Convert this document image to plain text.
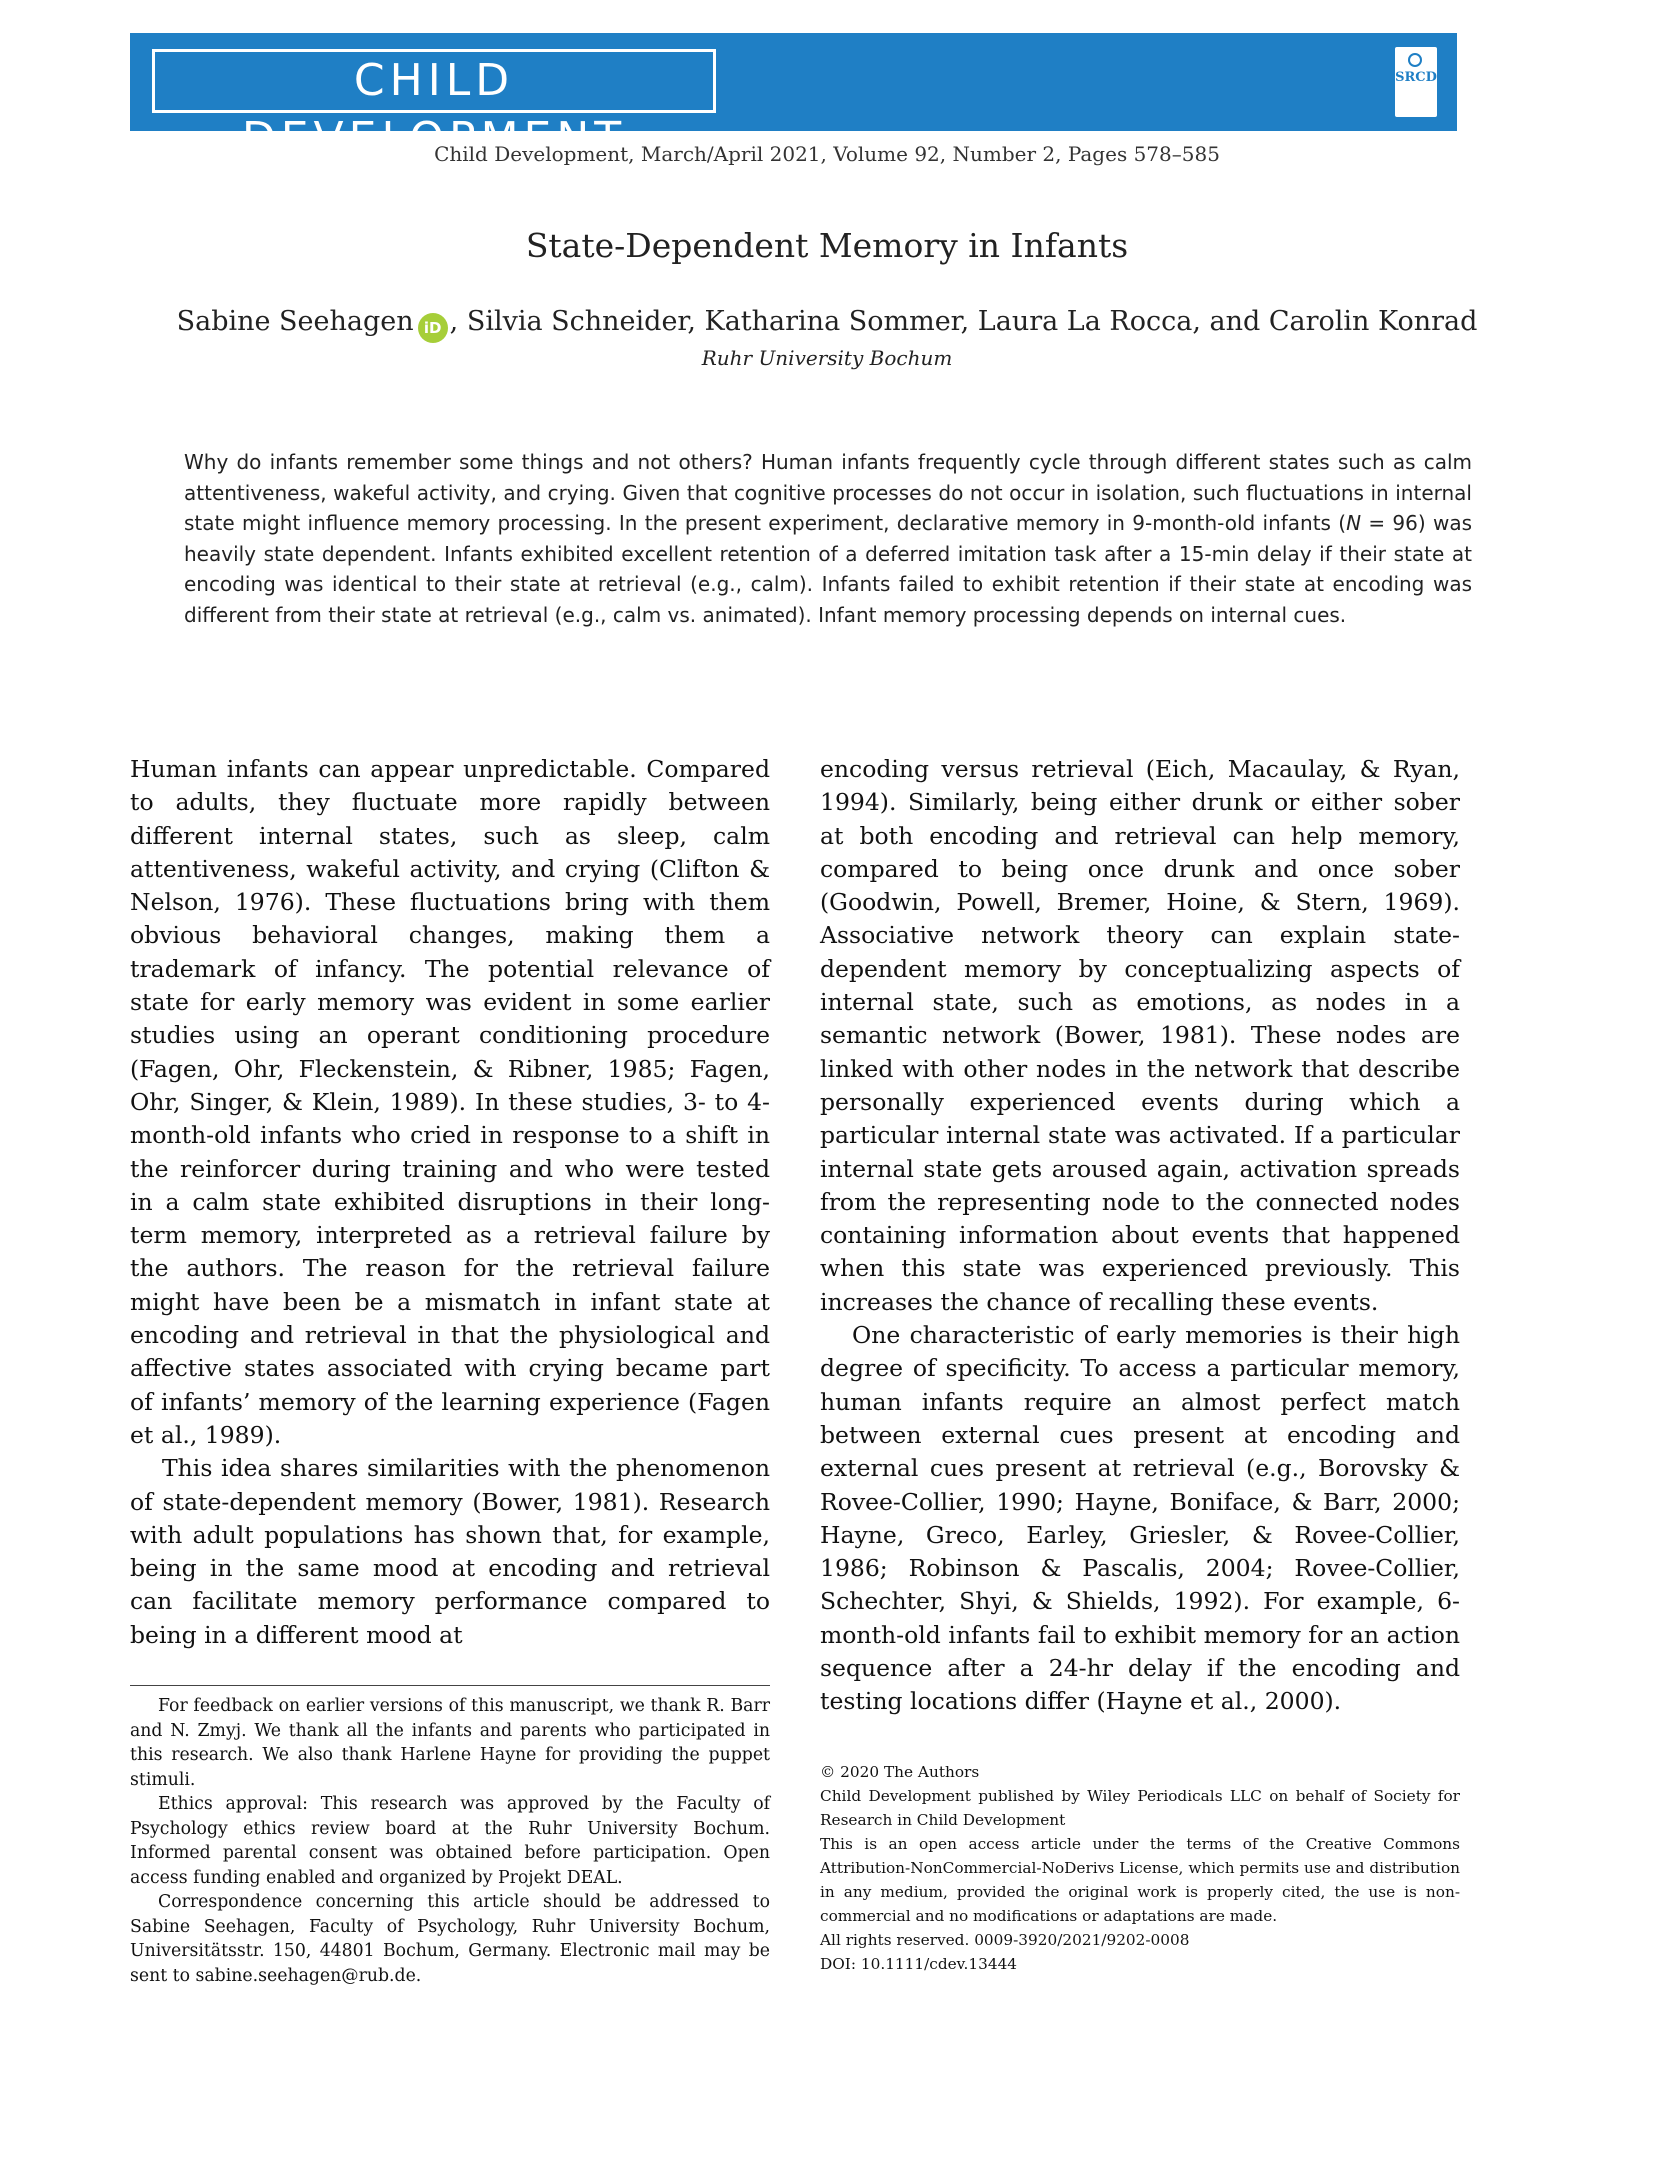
CHILD DEVELOPMENT
SRCD
Child Development, March/April 2021, Volume 92, Number 2, Pages 578–585
State-Dependent Memory in Infants
Sabine Seehagen iD , Silvia Schneider, Katharina Sommer, Laura La Rocca, and Carolin Konrad
Ruhr University Bochum
Why do infants remember some things and not others? Human infants frequently cycle through different states such as calm attentiveness, wakeful activity, and crying. Given that cognitive processes do not occur in isolation, such fluctuations in internal state might influence memory processing. In the present experiment, declarative memory in 9-month-old infants (N = 96) was heavily state dependent. Infants exhibited excellent retention of a deferred imitation task after a 15-min delay if their state at encoding was identical to their state at retrieval (e.g., calm). Infants failed to exhibit retention if their state at encoding was different from their state at retrieval (e.g., calm vs. animated). Infant memory processing depends on internal cues.

Human infants can appear unpredictable. Compared to adults, they fluctuate more rapidly between different internal states, such as sleep, calm attentiveness, wakeful activity, and crying (Clifton & Nelson, 1976). These fluctuations bring with them obvious behavioral changes, making them a trademark of infancy. The potential relevance of state for early memory was evident in some earlier studies using an operant conditioning procedure (Fagen, Ohr, Fleckenstein, & Ribner, 1985; Fagen, Ohr, Singer, & Klein, 1989). In these studies, 3- to 4-month-old infants who cried in response to a shift in the reinforcer during training and who were tested in a calm state exhibited disruptions in their long-term memory, interpreted as a retrieval failure by the authors. The reason for the retrieval failure might have been be a mismatch in infant state at encoding and retrieval in that the physiological and affective states associated with crying became part of infants’ memory of the learning experience (Fagen et al., 1989).

This idea shares similarities with the phenomenon of state-dependent memory (Bower, 1981). Research with adult populations has shown that, for example, being in the same mood at encoding and retrieval can facilitate memory performance compared to being in a different mood at

encoding versus retrieval (Eich, Macaulay, & Ryan, 1994). Similarly, being either drunk or either sober at both encoding and retrieval can help memory, compared to being once drunk and once sober (Goodwin, Powell, Bremer, Hoine, & Stern, 1969). Associative network theory can explain state-dependent memory by conceptualizing aspects of internal state, such as emotions, as nodes in a semantic network (Bower, 1981). These nodes are linked with other nodes in the network that describe personally experienced events during which a particular internal state was activated. If a particular internal state gets aroused again, activation spreads from the representing node to the connected nodes containing information about events that happened when this state was experienced previously. This increases the chance of recalling these events.

One characteristic of early memories is their high degree of specificity. To access a particular memory, human infants require an almost perfect match between external cues present at encoding and external cues present at retrieval (e.g., Borovsky & Rovee-Collier, 1990; Hayne, Boniface, & Barr, 2000; Hayne, Greco, Earley, Griesler, & Rovee-Collier, 1986; Robinson & Pascalis, 2004; Rovee-Collier, Schechter, Shyi, & Shields, 1992). For example, 6-month-old infants fail to exhibit memory for an action sequence after a 24-hr delay if the encoding and testing locations differ (Hayne et al., 2000).

For feedback on earlier versions of this manuscript, we thank R. Barr and N. Zmyj. We thank all the infants and parents who participated in this research. We also thank Harlene Hayne for providing the puppet stimuli.

Ethics approval: This research was approved by the Faculty of Psychology ethics review board at the Ruhr University Bochum. Informed parental consent was obtained before participation. Open access funding enabled and organized by Projekt DEAL.

Correspondence concerning this article should be addressed to Sabine Seehagen, Faculty of Psychology, Ruhr University Bochum, Universitätsstr. 150, 44801 Bochum, Germany. Electronic mail may be sent to sabine.seehagen@rub.de.

© 2020 The Authors

Child Development published by Wiley Periodicals LLC on behalf of Society for Research in Child Development

This is an open access article under the terms of the Creative Commons Attribution-NonCommercial-NoDerivs License, which permits use and distribution in any medium, provided the original work is properly cited, the use is non-commercial and no modifications or adaptations are made.

All rights reserved. 0009-3920/2021/9202-0008

DOI: 10.1111/cdev.13444
